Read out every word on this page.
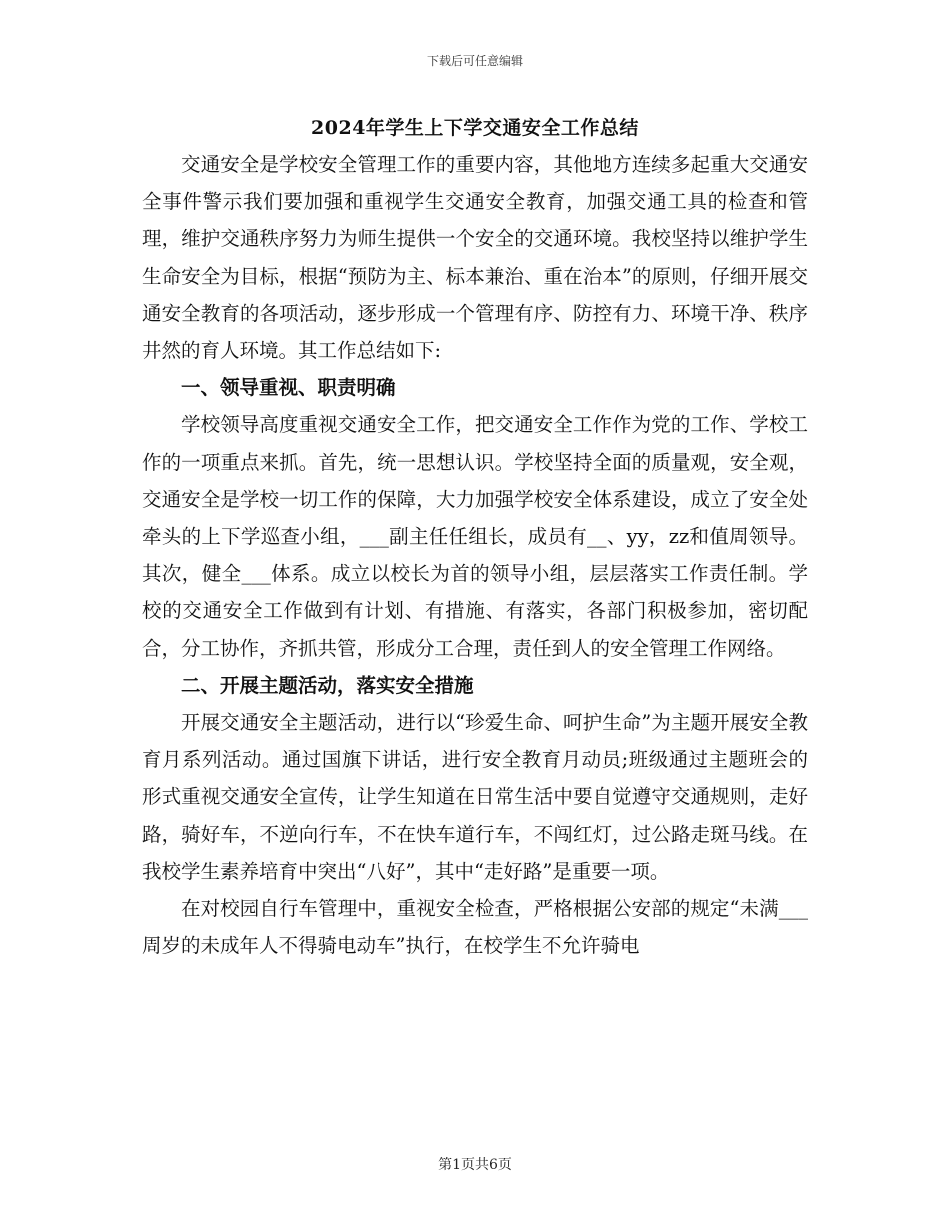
下载后可任意编辑
2024年学生上下学交通安全工作总结

交通安全是学校安全管理工作的重要内容，其他地方连续多起重大交通安全事件警示我们要加强和重视学生交通安全教育，加强交通工具的检查和管理，维护交通秩序努力为师生提供一个安全的交通环境。我校坚持以维护学生生命安全为目标，根据“预防为主、标本兼治、重在治本”的原则，仔细开展交通安全教育的各项活动，逐步形成一个管理有序、防控有力、环境干净、秩序井然的育人环境。其工作总结如下:

一、领导重视、职责明确

学校领导高度重视交通安全工作，把交通安全工作作为党的工作、学校工作的一项重点来抓。首先，统一思想认识。学校坚持全面的质量观，安全观，交通安全是学校一切工作的保障，大力加强学校安全体系建设，成立了安全处牵头的上下学巡查小组，___副主任任组长，成员有__、yy，zz和值周领导。其次，健全___体系。成立以校长为首的领导小组，层层落实工作责任制。学校的交通安全工作做到有计划、有措施、有落实，各部门积极参加，密切配合，分工协作，齐抓共管，形成分工合理，责任到人的安全管理工作网络。

二、开展主题活动，落实安全措施

开展交通安全主题活动，进行以“珍爱生命、呵护生命”为主题开展安全教育月系列活动。通过国旗下讲话，进行安全教育月动员;班级通过主题班会的形式重视交通安全宣传，让学生知道在日常生活中要自觉遵守交通规则，走好路，骑好车，不逆向行车，不在快车道行车，不闯红灯，过公路走斑马线。在我校学生素养培育中突出“八好”，其中“走好路”是重要一项。

在对校园自行车管理中，重视安全检查，严格根据公安部的规定“未满___周岁的未成年人不得骑电动车”执行，在校学生不允许骑电

第1页共6页
